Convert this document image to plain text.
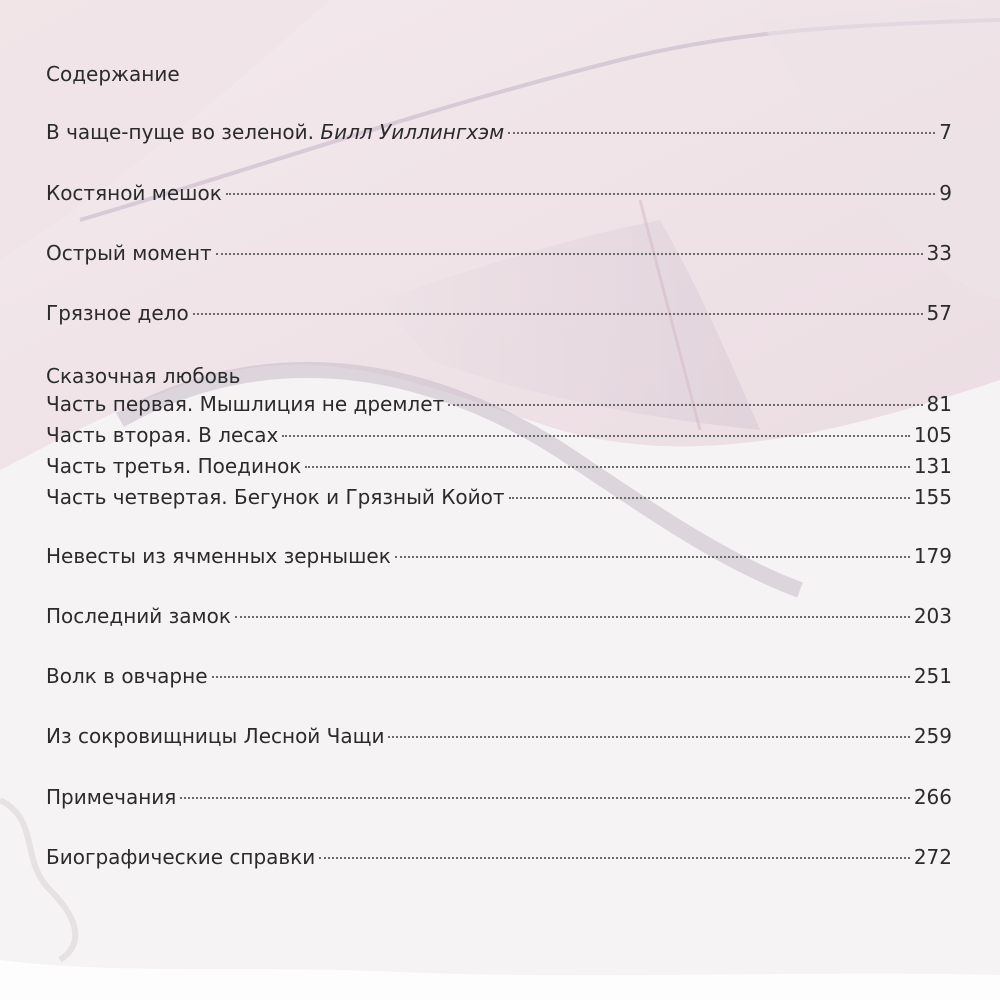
Содержание
В чаще-пуще во зеленой. Билл Уиллингхэм	7
Костяной мешок	9
Острый момент	33
Грязное дело	57
Сказочная любовь
Часть первая. Мышлиция не дремлет	81
Часть вторая. В лесах	105
Часть третья. Поединок	131
Часть четвертая. Бегунок и Грязный Койот	155
Невесты из ячменных зернышек	179
Последний замок	203
Волк в овчарне	251
Из сокровищницы Лесной Чащи	259
Примечания	266
Биографические справки	272
